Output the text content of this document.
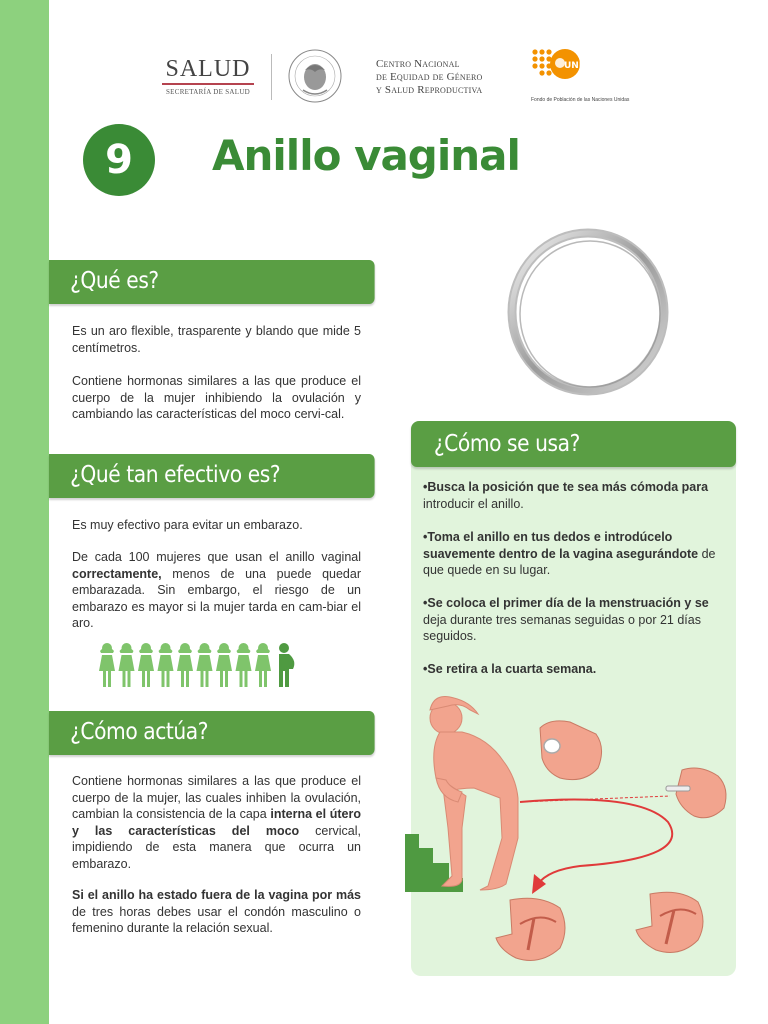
SALUD
SECRETARÍA DE SALUD
Centro Nacional
de Equidad de Género
y Salud Reproductiva
UNFPA
Fondo de Población de las Naciones Unidas
9	Anillo vaginal
¿Qué es?

Es un aro flexible, trasparente y blando que mide 5 centímetros.

Contiene hormonas similares a las que produce el cuerpo de la mujer inhibiendo la ovulación y cambiando las características del moco cervi-cal.

¿Qué tan efectivo es?

Es muy efectivo para evitar un embarazo.

De cada 100 mujeres que usan el anillo vaginal correctamente, menos de una puede quedar embarazada. Sin embargo, el riesgo de un embarazo es mayor si la mujer tarda en cam-biar el aro.

¿Cómo actúa?

Contiene hormonas similares a las que produce el cuerpo de la mujer, las cuales inhiben la ovulación, cambian la consistencia de la capa interna el útero y las características del moco cervical, impidiendo de esta manera que ocurra un embarazo.

Si el anillo ha estado fuera de la vagina por más de tres horas debes usar el condón masculino o femenino durante la relación sexual.

¿Cómo se usa?

•Busca la posición que te sea más cómoda para introducir el anillo.

•Toma el anillo en tus dedos e introdúcelo suavemente dentro de la vagina asegurándote de que quede en su lugar.

•Se coloca el primer día de la menstruación y se deja durante tres semanas seguidas o por 21 días seguidos.

•Se retira a la cuarta semana.
